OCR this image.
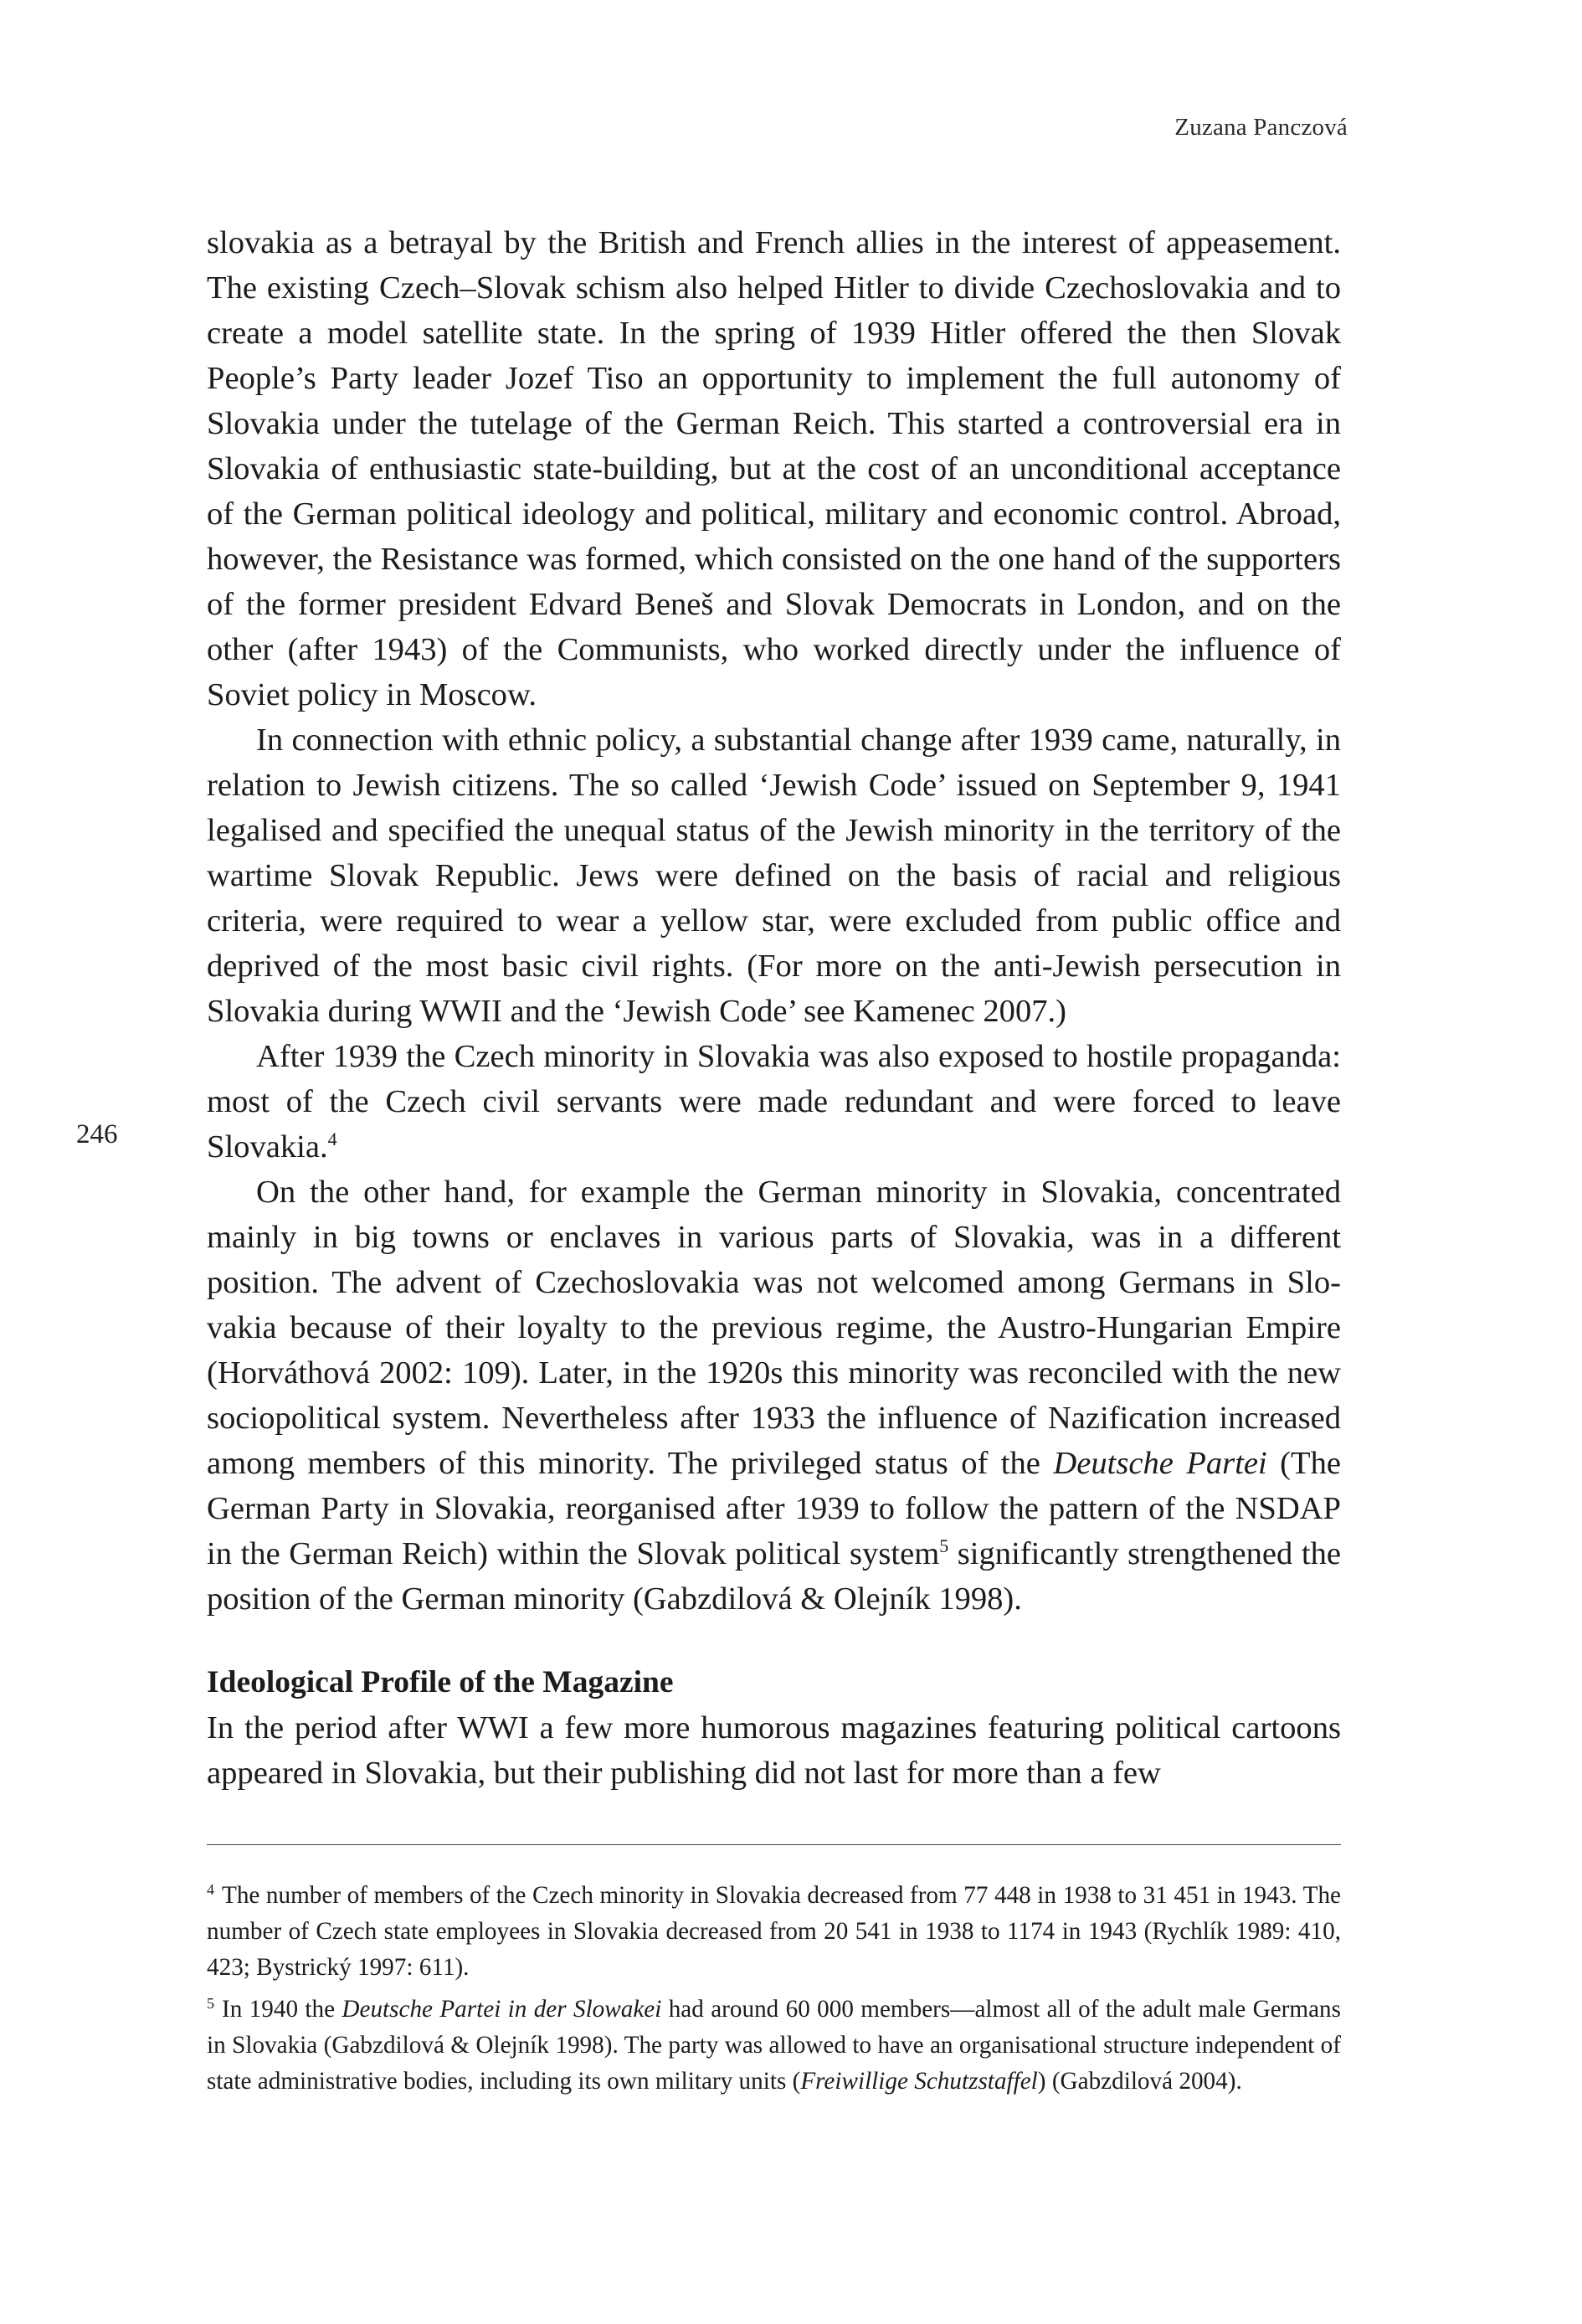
Zuzana Panczová
246

slovakia as a betrayal by the British and French allies in the interest of appeasement. The existing Czech–Slovak schism also helped Hitler to divide Czechoslovakia and to create a model satellite state. In the spring of 1939 Hitler offered the then Slovak People’s Party leader Jozef Tiso an opportunity to implement the full autonomy of Slovakia under the tutelage of the German Reich. This started a controversial era in Slovakia of enthusiastic state-building, but at the cost of an unconditional acceptance of the German political ideology and political, military and economic control. Abroad, however, the Resistance was formed, which consisted on the one hand of the supporters of the former president Edvard Beneš and Slovak Democrats in London, and on the other (after 1943) of the Communists, who worked directly under the influence of Soviet policy in Moscow.

In connection with ethnic policy, a substantial change after 1939 came, naturally, in relation to Jewish citizens. The so called ‘Jewish Code’ issued on September 9, 1941 legalised and specified the unequal status of the Jewish minority in the territory of the wartime Slovak Republic. Jews were defined on the basis of racial and religious criteria, were required to wear a yellow star, were excluded from public office and deprived of the most basic civil rights. (For more on the anti-Jewish persecution in Slovakia during WWII and the ‘Jewish Code’ see Kamenec 2007.)

After 1939 the Czech minority in Slovakia was also exposed to hostile propaganda: most of the Czech civil servants were made redundant and were forced to leave Slovakia.$^4$

On the other hand, for example the German minority in Slovakia, concentrated mainly in big towns or enclaves in various parts of Slovakia, was in a different position. The advent of Czechoslovakia was not welcomed among Germans in Slovakia because of their loyalty to the previous regime, the Austro-Hungarian Empire (Horváthová 2002: 109). Later, in the 1920s this minority was reconciled with the new sociopolitical system. Nevertheless after 1933 the influence of Nazification increased among members of this minority. The privileged status of the Deutsche Partei (The German Party in Slovakia, reorganised after 1939 to follow the pattern of the NSDAP in the German Reich) within the Slovak political system$^5$ significantly strengthened the position of the German minority (Gabzdilová & Olejník 1998).

Ideological Profile of the Magazine

In the period after WWI a few more humorous magazines featuring political cartoons appeared in Slovakia, but their publishing did not last for more than a few

$^4$ The number of members of the Czech minority in Slovakia decreased from 77 448 in 1938 to 31 451 in 1943. The number of Czech state employees in Slovakia decreased from 20 541 in 1938 to 1174 in 1943 (Rychlík 1989: 410, 423; Bystrický 1997: 611).

$^5$ In 1940 the Deutsche Partei in der Slowakei had around 60 000 members—almost all of the adult male Germans in Slovakia (Gabzdilová & Olejník 1998). The party was allowed to have an organisational structure independent of state administrative bodies, including its own military units (Freiwillige Schutzstaffel) (Gabzdilová 2004).
